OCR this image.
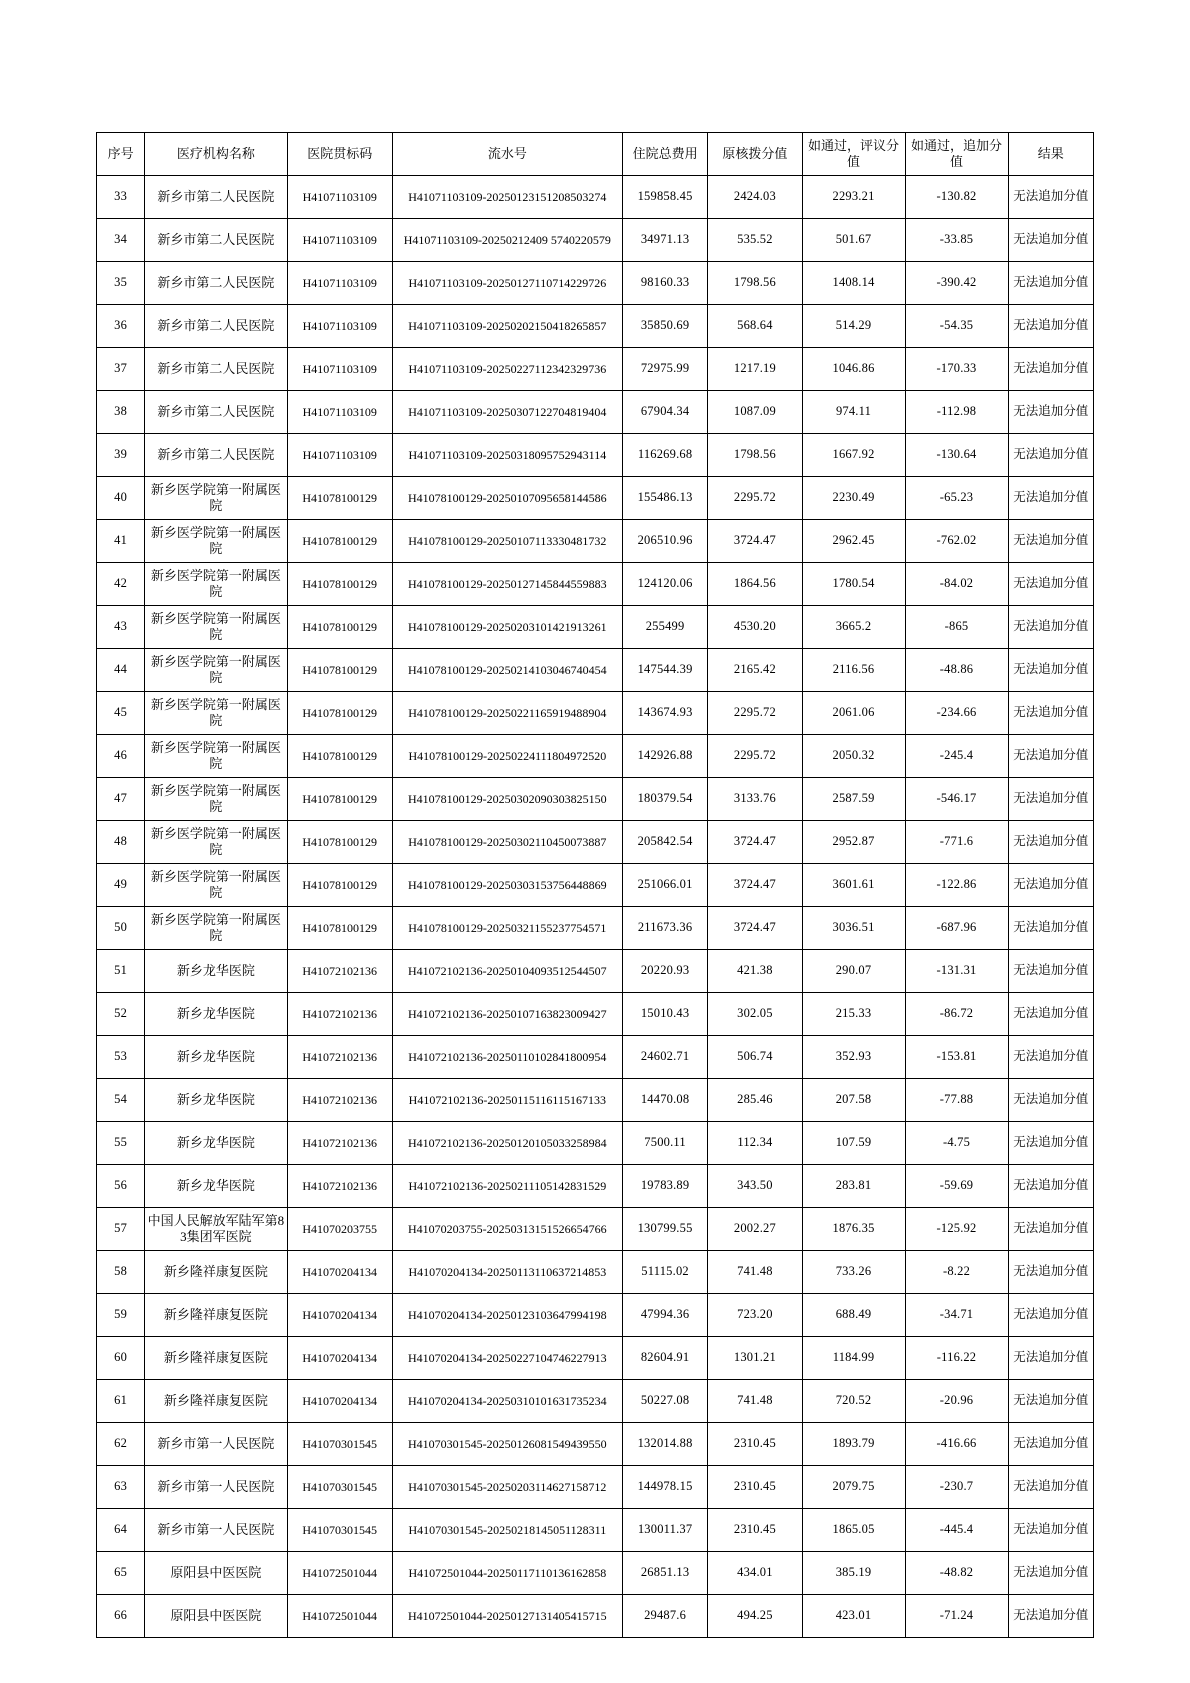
序号	医疗机构名称	医院贯标码	流水号	住院总费用	原核拨分值	如通过，评议分值	如通过，追加分值	结果
33	新乡市第二人民医院	H41071103109	H41071103109-20250123151208503274	159858.45	2424.03	2293.21	-130.82	无法追加分值
34	新乡市第二人民医院	H41071103109	H41071103109-20250212409 5740220579	34971.13	535.52	501.67	-33.85	无法追加分值
35	新乡市第二人民医院	H41071103109	H41071103109-20250127110714229726	98160.33	1798.56	1408.14	-390.42	无法追加分值
36	新乡市第二人民医院	H41071103109	H41071103109-20250202150418265857	35850.69	568.64	514.29	-54.35	无法追加分值
37	新乡市第二人民医院	H41071103109	H41071103109-20250227112342329736	72975.99	1217.19	1046.86	-170.33	无法追加分值
38	新乡市第二人民医院	H41071103109	H41071103109-20250307122704819404	67904.34	1087.09	974.11	-112.98	无法追加分值
39	新乡市第二人民医院	H41071103109	H41071103109-20250318095752943114	116269.68	1798.56	1667.92	-130.64	无法追加分值
40	新乡医学院第一附属医院	H41078100129	H41078100129-20250107095658144586	155486.13	2295.72	2230.49	-65.23	无法追加分值
41	新乡医学院第一附属医院	H41078100129	H41078100129-20250107113330481732	206510.96	3724.47	2962.45	-762.02	无法追加分值
42	新乡医学院第一附属医院	H41078100129	H41078100129-20250127145844559883	124120.06	1864.56	1780.54	-84.02	无法追加分值
43	新乡医学院第一附属医院	H41078100129	H41078100129-20250203101421913261	255499	4530.20	3665.2	-865	无法追加分值
44	新乡医学院第一附属医院	H41078100129	H41078100129-20250214103046740454	147544.39	2165.42	2116.56	-48.86	无法追加分值
45	新乡医学院第一附属医院	H41078100129	H41078100129-20250221165919488904	143674.93	2295.72	2061.06	-234.66	无法追加分值
46	新乡医学院第一附属医院	H41078100129	H41078100129-20250224111804972520	142926.88	2295.72	2050.32	-245.4	无法追加分值
47	新乡医学院第一附属医院	H41078100129	H41078100129-20250302090303825150	180379.54	3133.76	2587.59	-546.17	无法追加分值
48	新乡医学院第一附属医院	H41078100129	H41078100129-20250302110450073887	205842.54	3724.47	2952.87	-771.6	无法追加分值
49	新乡医学院第一附属医院	H41078100129	H41078100129-20250303153756448869	251066.01	3724.47	3601.61	-122.86	无法追加分值
50	新乡医学院第一附属医院	H41078100129	H41078100129-20250321155237754571	211673.36	3724.47	3036.51	-687.96	无法追加分值
51	新乡龙华医院	H41072102136	H41072102136-20250104093512544507	20220.93	421.38	290.07	-131.31	无法追加分值
52	新乡龙华医院	H41072102136	H41072102136-20250107163823009427	15010.43	302.05	215.33	-86.72	无法追加分值
53	新乡龙华医院	H41072102136	H41072102136-20250110102841800954	24602.71	506.74	352.93	-153.81	无法追加分值
54	新乡龙华医院	H41072102136	H41072102136-20250115116115167133	14470.08	285.46	207.58	-77.88	无法追加分值
55	新乡龙华医院	H41072102136	H41072102136-20250120105033258984	7500.11	112.34	107.59	-4.75	无法追加分值
56	新乡龙华医院	H41072102136	H41072102136-20250211105142831529	19783.89	343.50	283.81	-59.69	无法追加分值
57	中国人民解放军陆军第83集团军医院	H41070203755	H41070203755-20250313151526654766	130799.55	2002.27	1876.35	-125.92	无法追加分值
58	新乡隆祥康复医院	H41070204134	H41070204134-20250113110637214853	51115.02	741.48	733.26	-8.22	无法追加分值
59	新乡隆祥康复医院	H41070204134	H41070204134-20250123103647994198	47994.36	723.20	688.49	-34.71	无法追加分值
60	新乡隆祥康复医院	H41070204134	H41070204134-20250227104746227913	82604.91	1301.21	1184.99	-116.22	无法追加分值
61	新乡隆祥康复医院	H41070204134	H41070204134-20250310101631735234	50227.08	741.48	720.52	-20.96	无法追加分值
62	新乡市第一人民医院	H41070301545	H41070301545-20250126081549439550	132014.88	2310.45	1893.79	-416.66	无法追加分值
63	新乡市第一人民医院	H41070301545	H41070301545-20250203114627158712	144978.15	2310.45	2079.75	-230.7	无法追加分值
64	新乡市第一人民医院	H41070301545	H41070301545-20250218145051128311	130011.37	2310.45	1865.05	-445.4	无法追加分值
65	原阳县中医医院	H41072501044	H41072501044-20250117110136162858	26851.13	434.01	385.19	-48.82	无法追加分值
66	原阳县中医医院	H41072501044	H41072501044-20250127131405415715	29487.6	494.25	423.01	-71.24	无法追加分值
